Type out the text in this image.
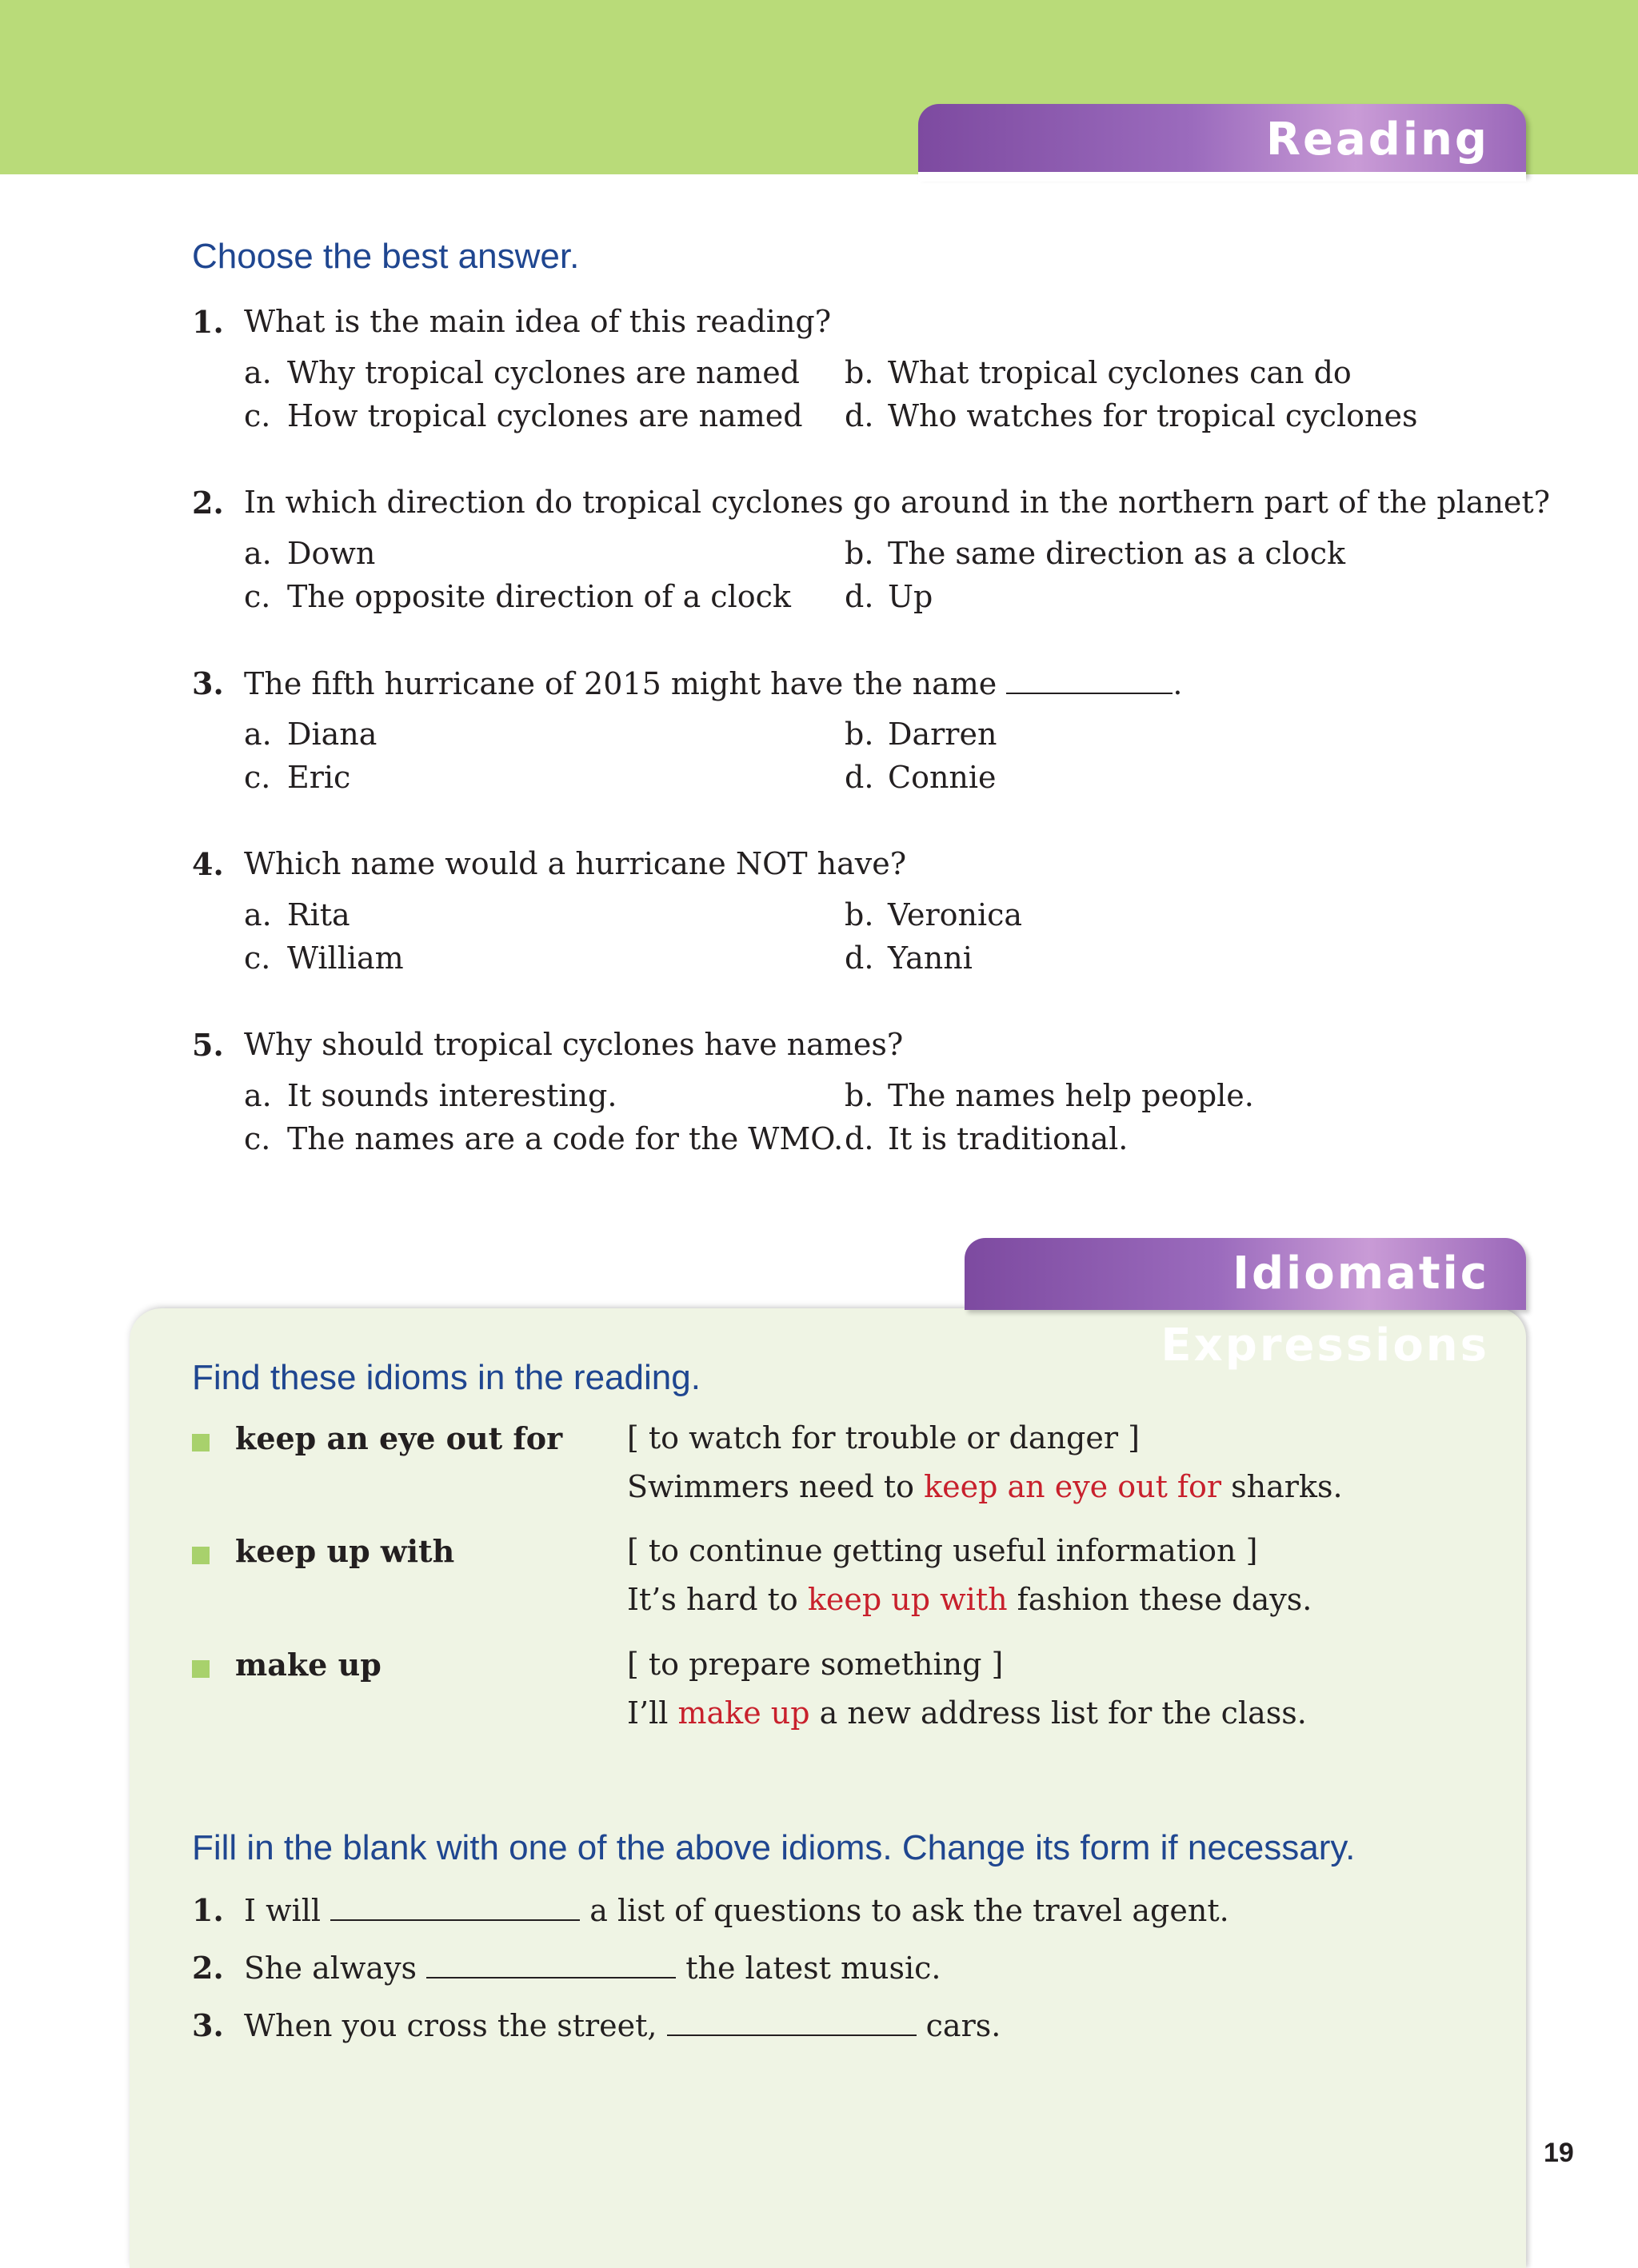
Reading Comprehension
Choose the best answer.
1. What is the main idea of this reading?
a. Why tropical cyclones are named b. What tropical cyclones can do
c. How tropical cyclones are named d. Who watches for tropical cyclones
2. In which direction do tropical cyclones go around in the northern part of the planet?
a. Down	b. The same direction as a clock
c. The opposite direction of a clock d. Up
3. The fifth hurricane of 2015 might have the name	.
a. Diana	b. Darren
c. Eric	d. Connie
4. Which name would a hurricane NOT have?
a. Rita	b. Veronica
c. William	d. Yanni
5. Why should tropical cyclones have names?
a. It sounds interesting.	b. The names help people.
c. The names are a code for the WMO. d. It is traditional.
Idiomatic Expressions
Find these idioms in the reading.
keep an eye out for [ to watch for trouble or danger ]
Swimmers need to keep an eye out for sharks.
keep up with	[ to continue getting useful information ]
It’s hard to keep up with fashion these days.
make up	[ to prepare something ]
I’ll make up a new address list for the class.
Fill in the blank with one of the above idioms. Change its form if necessary.
1. I will	a list of questions to ask the travel agent.
2. She always	the latest music.
3. When you cross the street,	cars.
19
